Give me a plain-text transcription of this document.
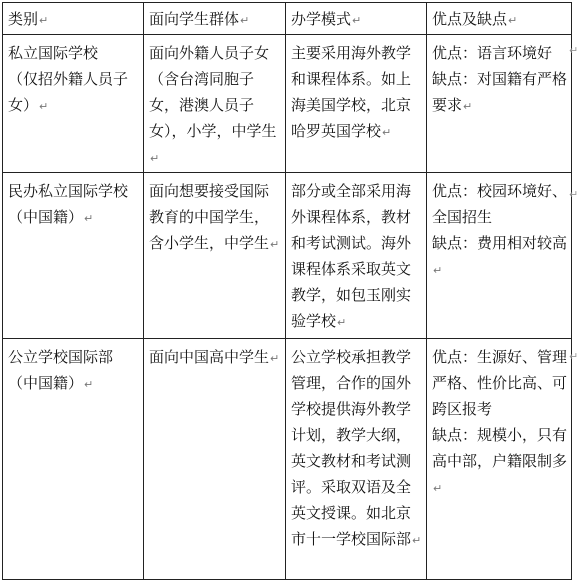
类别↵	面向学生群体↵	办学模式↵	优点及缺点↵

私立国际学校
（仅招外籍人员子女）↵	面向外籍人员子女（含台湾同胞子女，港澳人员子女），小学，中学生↵	主要采用海外教学和课程体系。如上海美国学校，北京哈罗英国学校↵	优点：语言环境好
缺点：对国籍有严格要求↵

民办私立国际学校
（中国籍）↵	面向想要接受国际教育的中国学生，含小学生，中学生↵	部分或全部采用海外课程体系，教材和考试测试。海外课程体系采取英文教学，如包玉刚实验学校↵	优点：校园环境好、全国招生
缺点：费用相对较高↵

公立学校国际部
（中国籍）↵	面向中国高中学生↵	公立学校承担教学管理，合作的国外学校提供海外教学计划，教学大纲，英文教材和考试测评。采取双语及全英文授课。如北京市十一学校国际部↵	优点：生源好、管理严格、性价比高、可跨区报考
缺点：规模小，只有高中部，户籍限制多↵
↵
↵
↵
